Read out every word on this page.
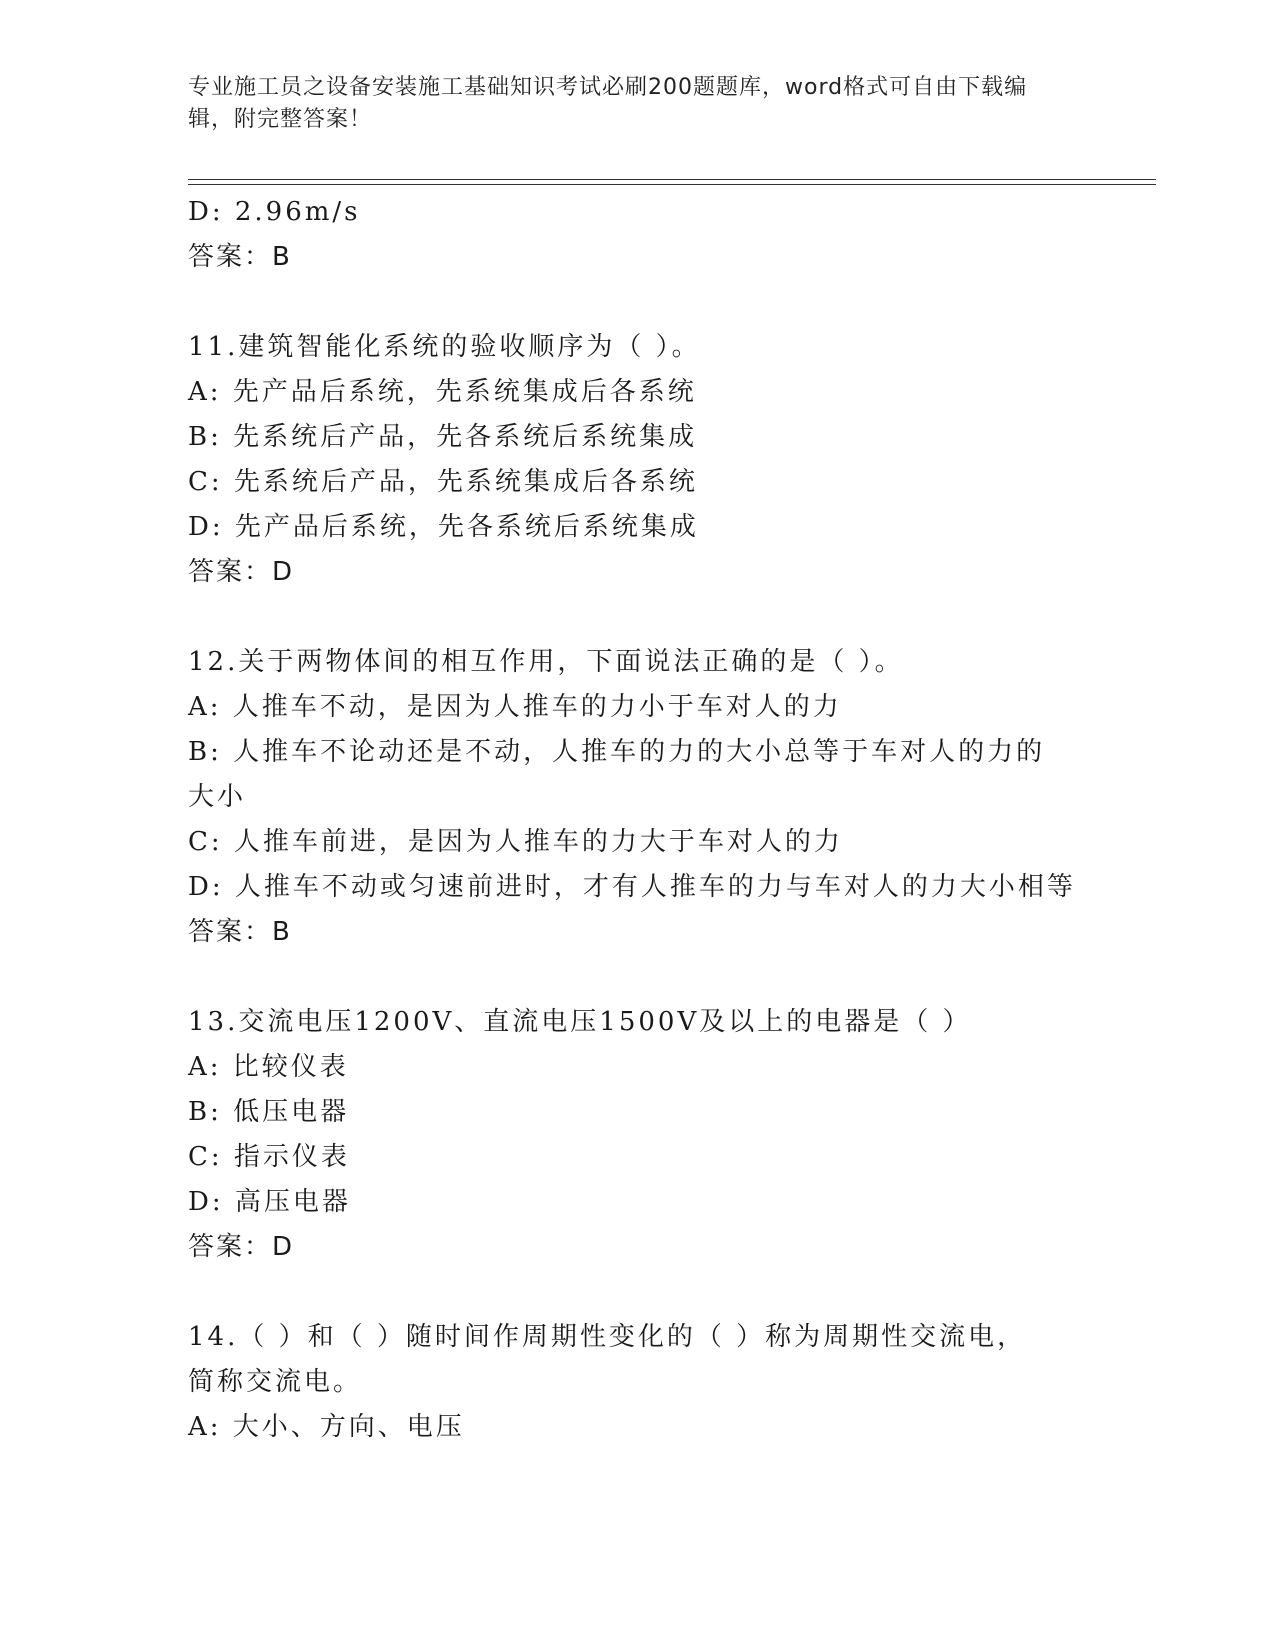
专业施工员之设备安装施工基础知识考试必刷200题题库，word格式可自由下载编辑，附完整答案！
D: 2.96m/s
答案：B
11.建筑智能化系统的验收顺序为（ ）。
A: 先产品后系统，先系统集成后各系统
B: 先系统后产品，先各系统后系统集成
C: 先系统后产品，先系统集成后各系统
D: 先产品后系统，先各系统后系统集成
答案：D
12.关于两物体间的相互作用，下面说法正确的是（ ）。
A: 人推车不动，是因为人推车的力小于车对人的力
B: 人推车不论动还是不动，人推车的力的大小总等于车对人的力的大小
C: 人推车前进，是因为人推车的力大于车对人的力
D: 人推车不动或匀速前进时，才有人推车的力与车对人的力大小相等
答案：B
13.交流电压1200V、直流电压1500V及以上的电器是（ ）
A: 比较仪表
B: 低压电器
C: 指示仪表
D: 高压电器
答案：D
14.（ ）和（ ）随时间作周期性变化的（ ）称为周期性交流电，简称交流电。
A: 大小、方向、电压
